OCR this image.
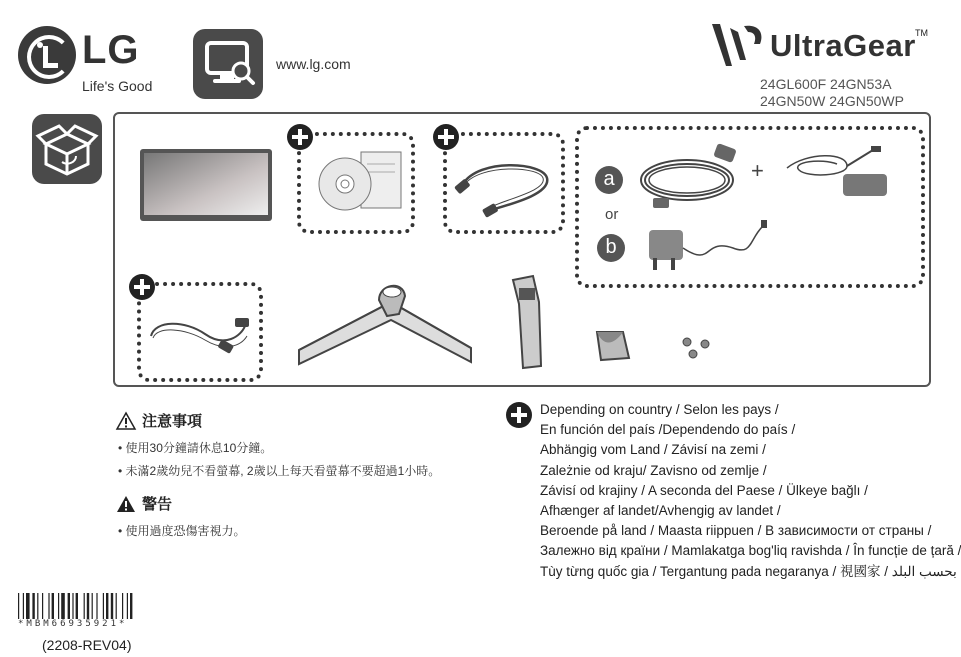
LG
Life's Good
www.lg.com
UltraGear TM
24GL600F 24GN53A
24GN50W 24GN50WP
a
or
b
+
注意事項
• 使用30分鐘請休息10分鐘。
• 未滿2歲幼兒不看螢幕, 2歲以上每天看螢幕不要超過1小時。
警告
• 使用過度恐傷害視力。
Depending on country / Selon les pays /
En función del país /Dependendo do país /
Abhängig vom Land / Závisí na zemi /
Zależnie od kraju/ Zavisno od zemlje /
Závisí od krajiny / A seconda del Paese / Ülkeye bağlı /
Afhænger af landet/Avhengig av landet /
Beroende på land / Maasta riippuen / В зависимости от страны /
Залежно від країни / Mamlakatga bog'liq ravishda / În funcție de țară /
Tùy từng quốc gia / Tergantung pada negaranya / 視國家 / بحسب البلد
*MBM66935921*
(2208-REV04)
